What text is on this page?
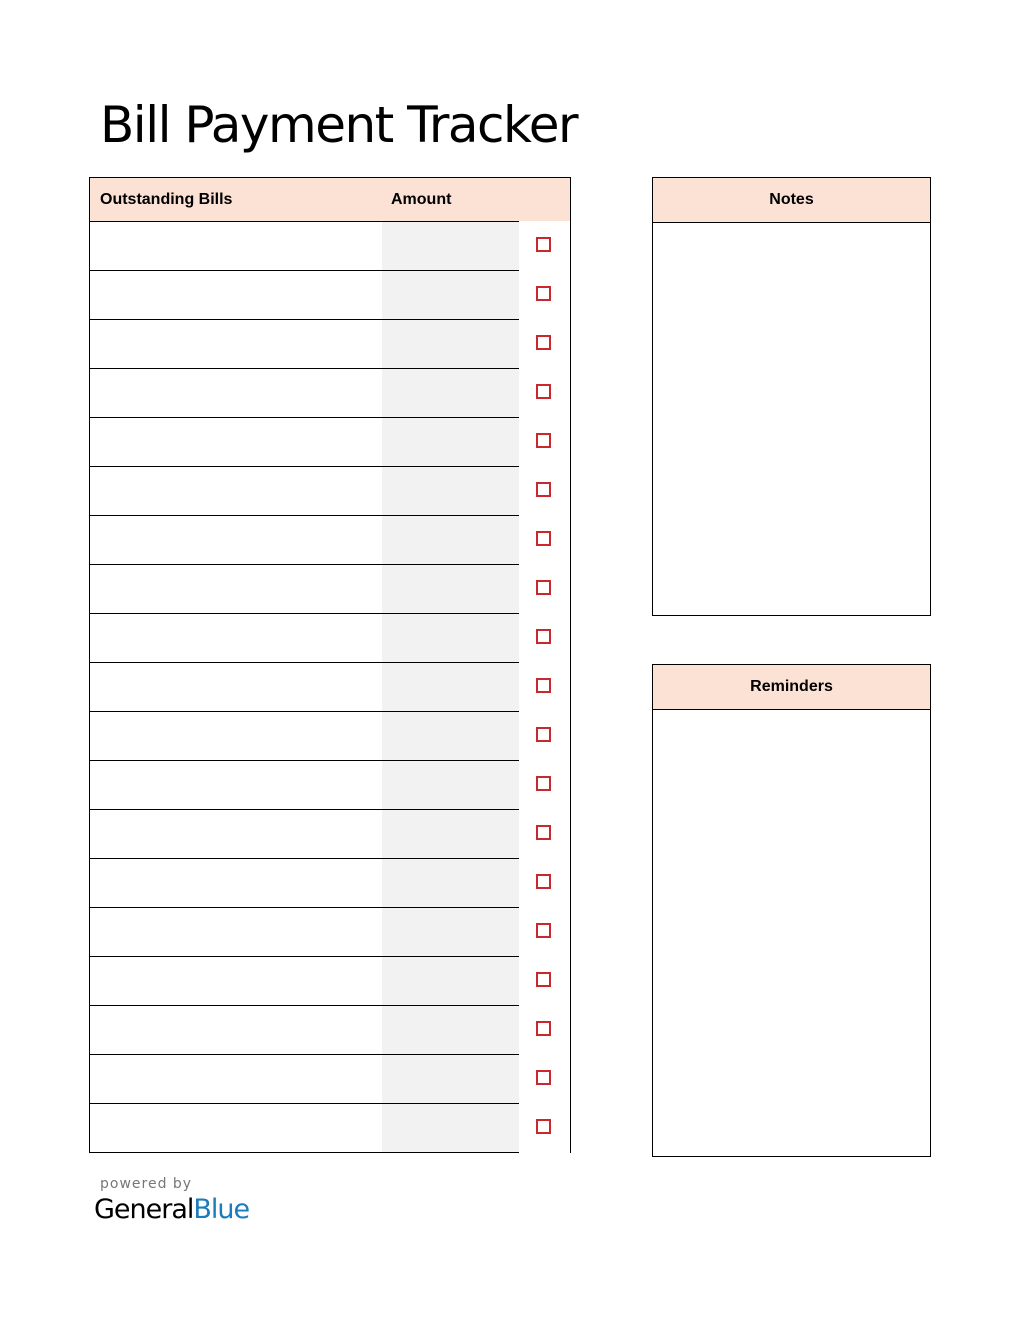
Bill Payment Tracker
Outstanding Bills	Amount	Notes
Reminders
powered by
GeneralBlue
